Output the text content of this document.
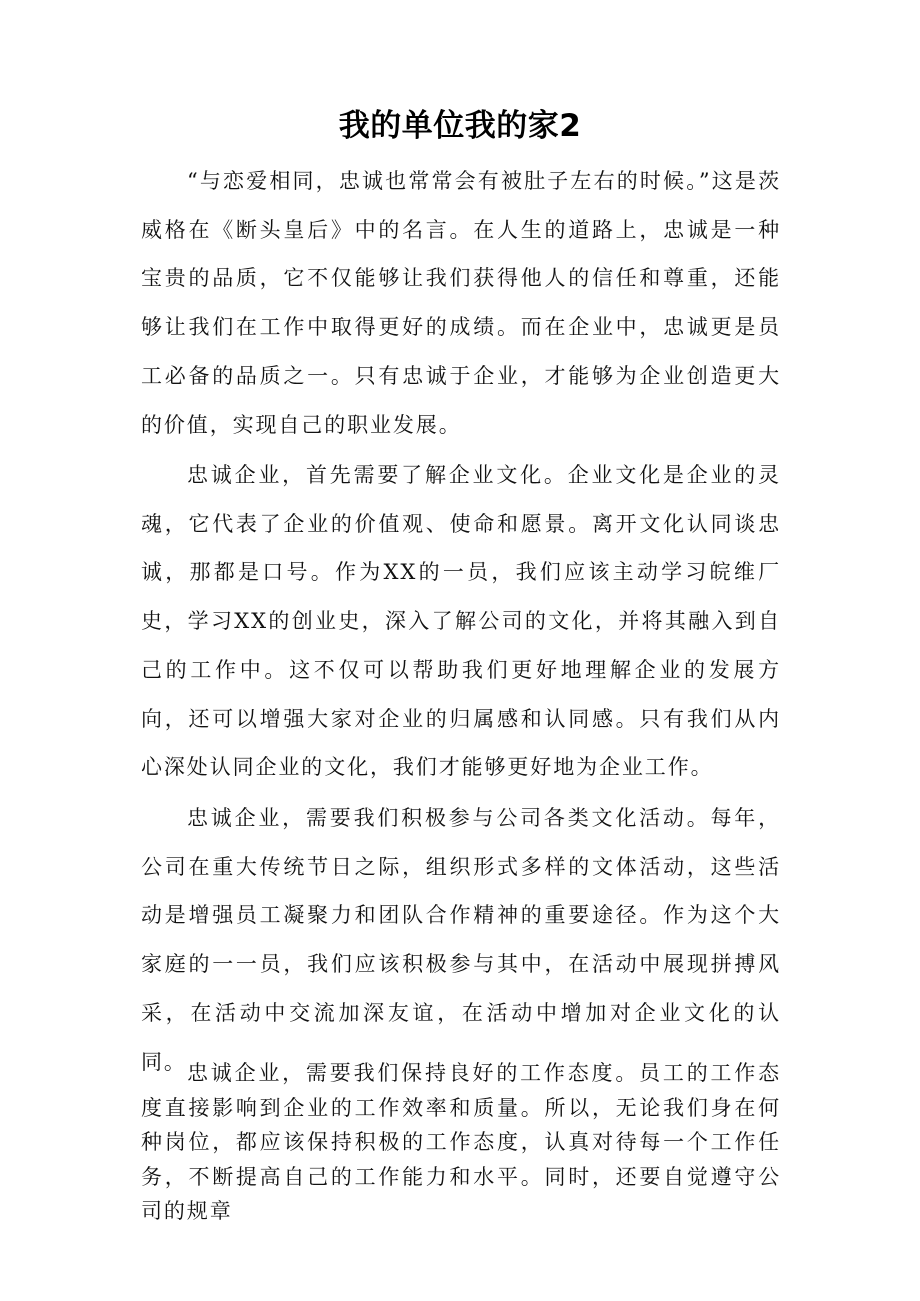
我的单位我的家2

“与恋爱相同，忠诚也常常会有被肚子左右的时候。”这是茨威格在《断头皇后》中的名言。在人生的道路上，忠诚是一种宝贵的品质，它不仅能够让我们获得他人的信任和尊重，还能够让我们在工作中取得更好的成绩。而在企业中，忠诚更是员工必备的品质之一。只有忠诚于企业，才能够为企业创造更大的价值，实现自己的职业发展。

忠诚企业，首先需要了解企业文化。企业文化是企业的灵魂，它代表了企业的价值观、使命和愿景。离开文化认同谈忠诚，那都是口号。作为XX的一员，我们应该主动学习皖维厂史，学习XX的创业史，深入了解公司的文化，并将其融入到自己的工作中。这不仅可以帮助我们更好地理解企业的发展方向，还可以增强大家对企业的归属感和认同感。只有我们从内心深处认同企业的文化，我们才能够更好地为企业工作。

忠诚企业，需要我们积极参与公司各类文化活动。每年，公司在重大传统节日之际，组织形式多样的文体活动，这些活动是增强员工凝聚力和团队合作精神的重要途径。作为这个大家庭的一一员，我们应该积极参与其中，在活动中展现拼搏风采，在活动中交流加深友谊，在活动中增加对企业文化的认同。 忠诚企业，需要我们保持良好的工作态度。员工的工作态度直接影响到企业的工作效率和质量。所以，无论我们身在何种岗位，都应该保持积极的工作态度，认真对待每一个工作任务，不断提高自己的工作能力和水平。同时，还要自觉遵守公司的规章
